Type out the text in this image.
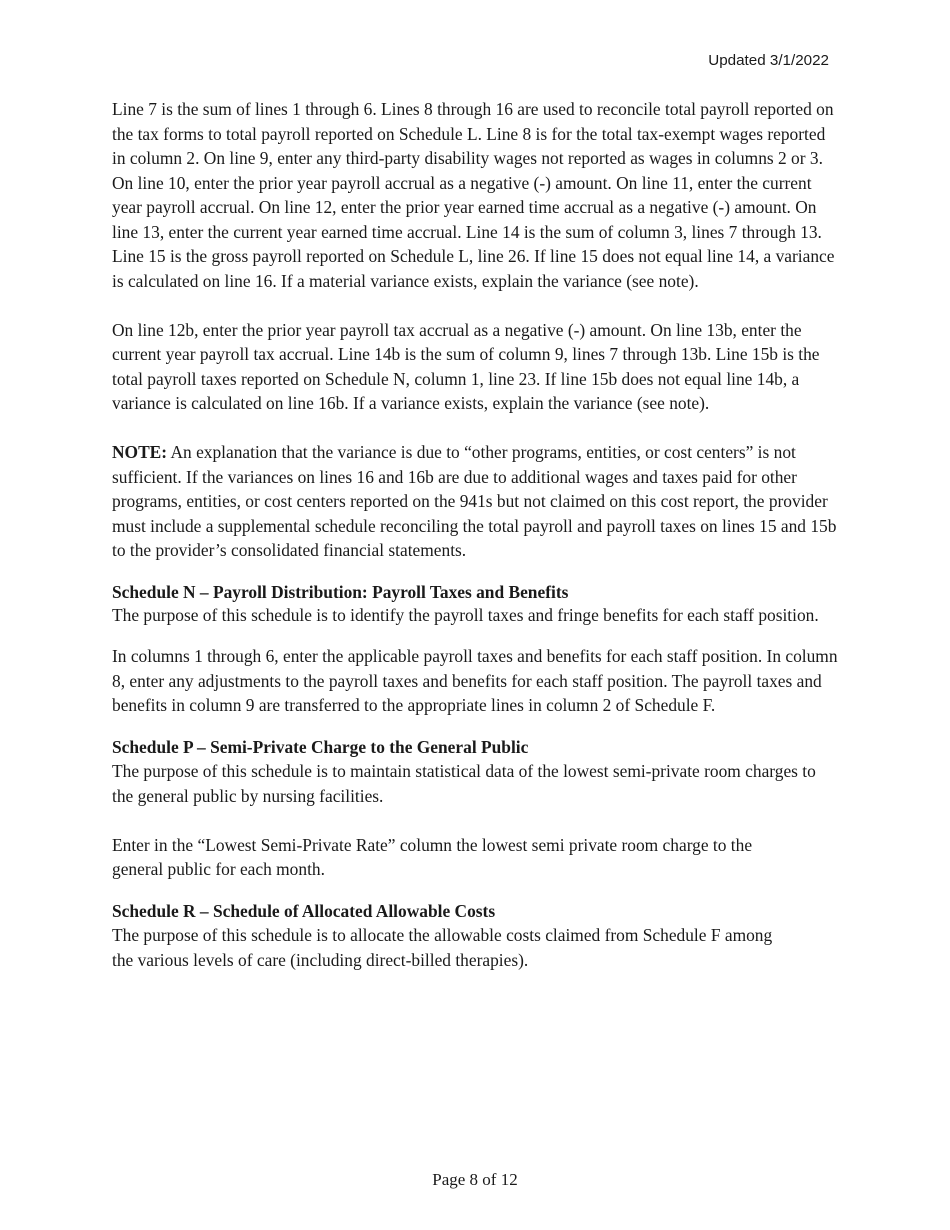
Updated 3/1/2022

Line 7 is the sum of lines 1 through 6. Lines 8 through 16 are used to reconcile total payroll reported on the tax forms to total payroll reported on Schedule L. Line 8 is for the total tax-exempt wages reported in column 2. On line 9, enter any third-party disability wages not reported as wages in columns 2 or 3. On line 10, enter the prior year payroll accrual as a negative (-) amount. On line 11, enter the current year payroll accrual. On line 12, enter the prior year earned time accrual as a negative (-) amount. On line 13, enter the current year earned time accrual. Line 14 is the sum of column 3, lines 7 through 13. Line 15 is the gross payroll reported on Schedule L, line 26. If line 15 does not equal line 14, a variance is calculated on line 16. If a material variance exists, explain the variance (see note).

On line 12b, enter the prior year payroll tax accrual as a negative (-) amount. On line 13b, enter the current year payroll tax accrual. Line 14b is the sum of column 9, lines 7 through 13b. Line 15b is the total payroll taxes reported on Schedule N, column 1, line 23. If line 15b does not equal line 14b, a variance is calculated on line 16b. If a variance exists, explain the variance (see note).

NOTE: An explanation that the variance is due to “other programs, entities, or cost centers” is not sufficient. If the variances on lines 16 and 16b are due to additional wages and taxes paid for other programs, entities, or cost centers reported on the 941s but not claimed on this cost report, the provider must include a supplemental schedule reconciling the total payroll and payroll taxes on lines 15 and 15b to the provider’s consolidated financial statements.

Schedule N – Payroll Distribution: Payroll Taxes and Benefits

The purpose of this schedule is to identify the payroll taxes and fringe benefits for each staff position.

In columns 1 through 6, enter the applicable payroll taxes and benefits for each staff position. In column 8, enter any adjustments to the payroll taxes and benefits for each staff position. The payroll taxes and benefits in column 9 are transferred to the appropriate lines in column 2 of Schedule F.

Schedule P – Semi-Private Charge to the General Public

The purpose of this schedule is to maintain statistical data of the lowest semi-private room charges to the general public by nursing facilities.

Enter in the “Lowest Semi-Private Rate” column the lowest semi private room charge to the general public for each month.

Schedule R – Schedule of Allocated Allowable Costs

The purpose of this schedule is to allocate the allowable costs claimed from Schedule F among the various levels of care (including direct-billed therapies).

Page 8 of 12
